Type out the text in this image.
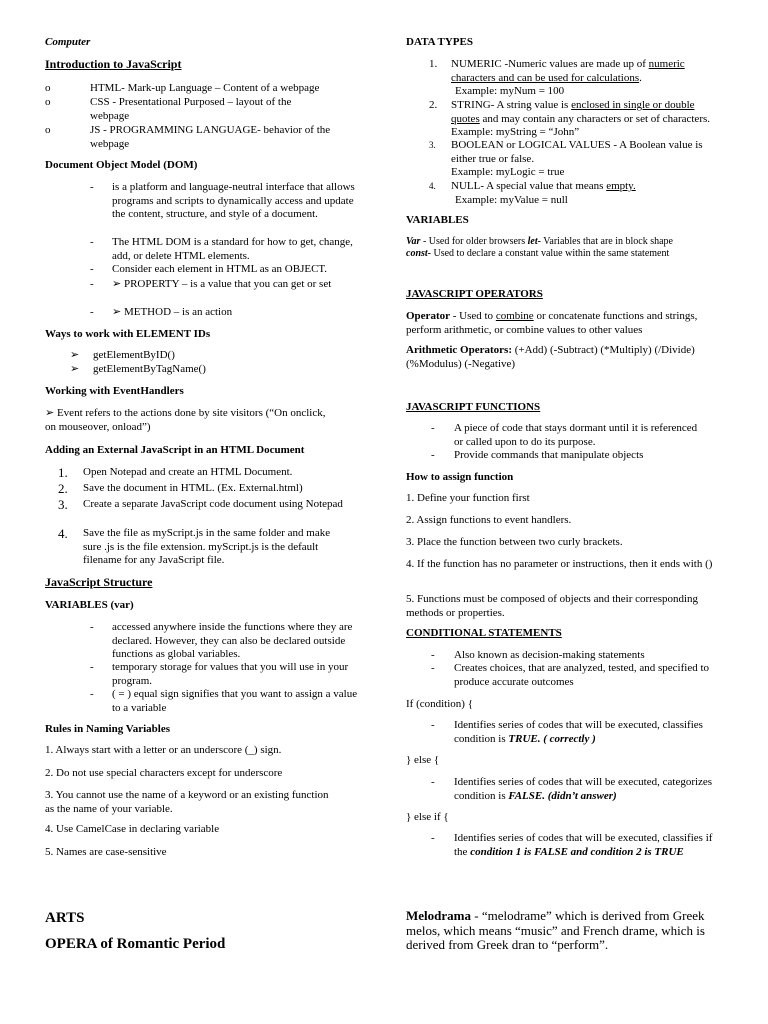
Computer
Introduction to JavaScript
o	HTML- Mark-up Language – Content of a webpage
o	CSS - Presentational Purposed – layout of the webpage
o	JS - PROGRAMMING LANGUAGE- behavior of the webpage
Document Object Model (DOM)
-	is a platform and language-neutral interface that allows programs and scripts to dynamically access and update the content, structure, and style of a document.
-	The HTML DOM is a standard for how to get, change, add, or delete HTML elements.
-	Consider each element in HTML as an OBJECT.
-	➢ PROPERTY – is a value that you can get or set
-	➢ METHOD – is an action
Ways to work with ELEMENT IDs
➢	getElementByID()
➢	getElementByTagName()
Working with EventHandlers

➢ Event refers to the actions done by site visitors (“On onclick, on mouseover, onload”)

Adding an External JavaScript in an HTML Document
1.	Open Notepad and create an HTML Document.
2.	Save the document in HTML. (Ex. External.html)
3.	Create a separate JavaScript code document using Notepad
4.	Save the file as myScript.js in the same folder and make sure .js is the file extension. myScript.js is the default filename for any JavaScript file.
JavaScript Structure
VARIABLES (var)
-	accessed anywhere inside the functions where they are declared. However, they can also be declared outside functions as global variables.
-	temporary storage for values that you will use in your program.
-	( = ) equal sign signifies that you want to assign a value to a variable
Rules in Naming Variables

1. Always start with a letter or an underscore (_) sign.

2. Do not use special characters except for underscore

3. You cannot use the name of a keyword or an existing function as the name of your variable.

4. Use CamelCase in declaring variable

5. Names are case-sensitive

ARTS
OPERA of Romantic Period
DATA TYPES
1.	NUMERIC -Numeric values are made up of numeric characters and can be used for calculations.
Example: myNum = 100
2.	STRING- A string value is enclosed in single or double quotes and may contain any characters or set of characters. Example: myString = “John”
3.	BOOLEAN or LOGICAL VALUES - A Boolean value is either true or false.
Example: myLogic = true
4.	NULL- A special value that means empty.
Example: myValue = null
VARIABLES

Var - Used for older browsers let- Variables that are in block shape

const- Used to declare a constant value within the same statement

JAVASCRIPT OPERATORS

Operator - Used to combine or concatenate functions and strings, perform arithmetic, or combine values to other values

Arithmetic Operators: (+Add) (-Subtract) (*Multiply) (/Divide) (%Modulus) (-Negative)

JAVASCRIPT FUNCTIONS
-	A piece of code that stays dormant until it is referenced or called upon to do its purpose.
-	Provide commands that manipulate objects
How to assign function

1. Define your function first

2. Assign functions to event handlers.

3. Place the function between two curly brackets.

4. If the function has no parameter or instructions, then it ends with ()

5. Functions must be composed of objects and their corresponding methods or properties.

CONDITIONAL STATEMENTS
-	Also known as decision-making statements
-	Creates choices, that are analyzed, tested, and specified to produce accurate outcomes

If (condition) {

-	Identifies series of codes that will be executed, classifies condition is TRUE. ( correctly )

} else {

-	Identifies series of codes that will be executed, categorizes condition is FALSE. (didn’t answer)

} else if {

-	Identifies series of codes that will be executed, classifies if the condition 1 is FALSE and condition 2 is TRUE

Melodrama - “melodrame” which is derived from Greek melos, which means “music” and French drame, which is derived from Greek dran to “perform”.
